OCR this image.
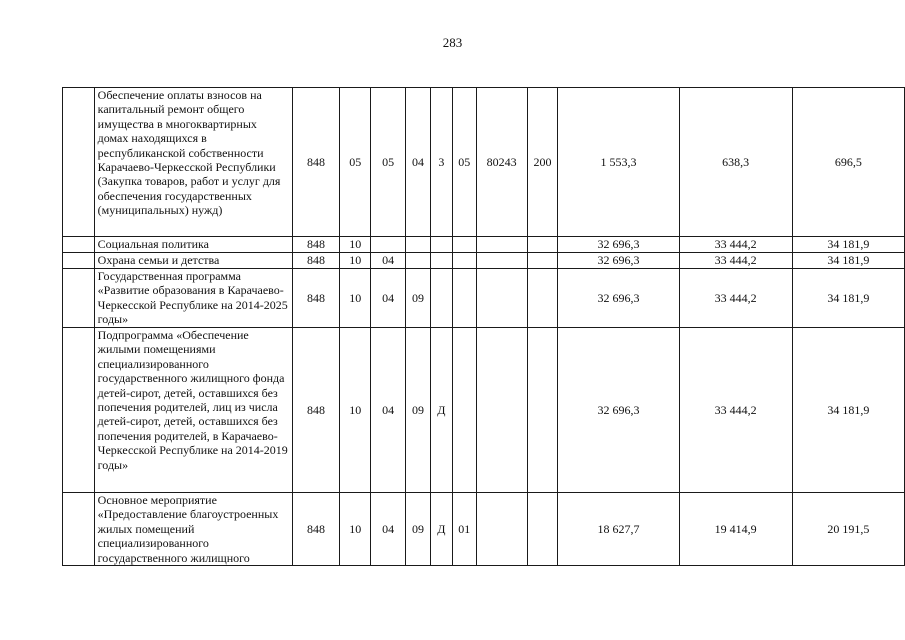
283
	Обеспечение оплаты взносов на капитальный ремонт общего имущества в многоквартирных домах находящихся в республиканской собственности Карачаево-Черкесской Республики (Закупка товаров, работ и услуг для обеспечения государственных (муниципальных) нужд)	848	05	05	04	3	05	80243	200	1 553,3	638,3	696,5
	Социальная политика	848	10							32 696,3	33 444,2	34 181,9
	Охрана семьи и детства	848	10	04						32 696,3	33 444,2	34 181,9
	Государственная программа «Развитие образования в Карачаево-Черкесской Республике на 2014-2025 годы»	848	10	04	09					32 696,3	33 444,2	34 181,9
	Подпрограмма «Обеспечение жилыми помещениями специализированного государственного жилищного фонда детей-сирот, детей, оставшихся без попечения родителей, лиц из числа детей-сирот, детей, оставшихся без попечения родителей, в Карачаево-Черкесской Республике на 2014-2019 годы»	848	10	04	09	Д				32 696,3	33 444,2	34 181,9
	Основное мероприятие «Предоставление благоустроенных жилых помещений специализированного государственного жилищного	848	10	04	09	Д	01			18 627,7	19 414,9	20 191,5
